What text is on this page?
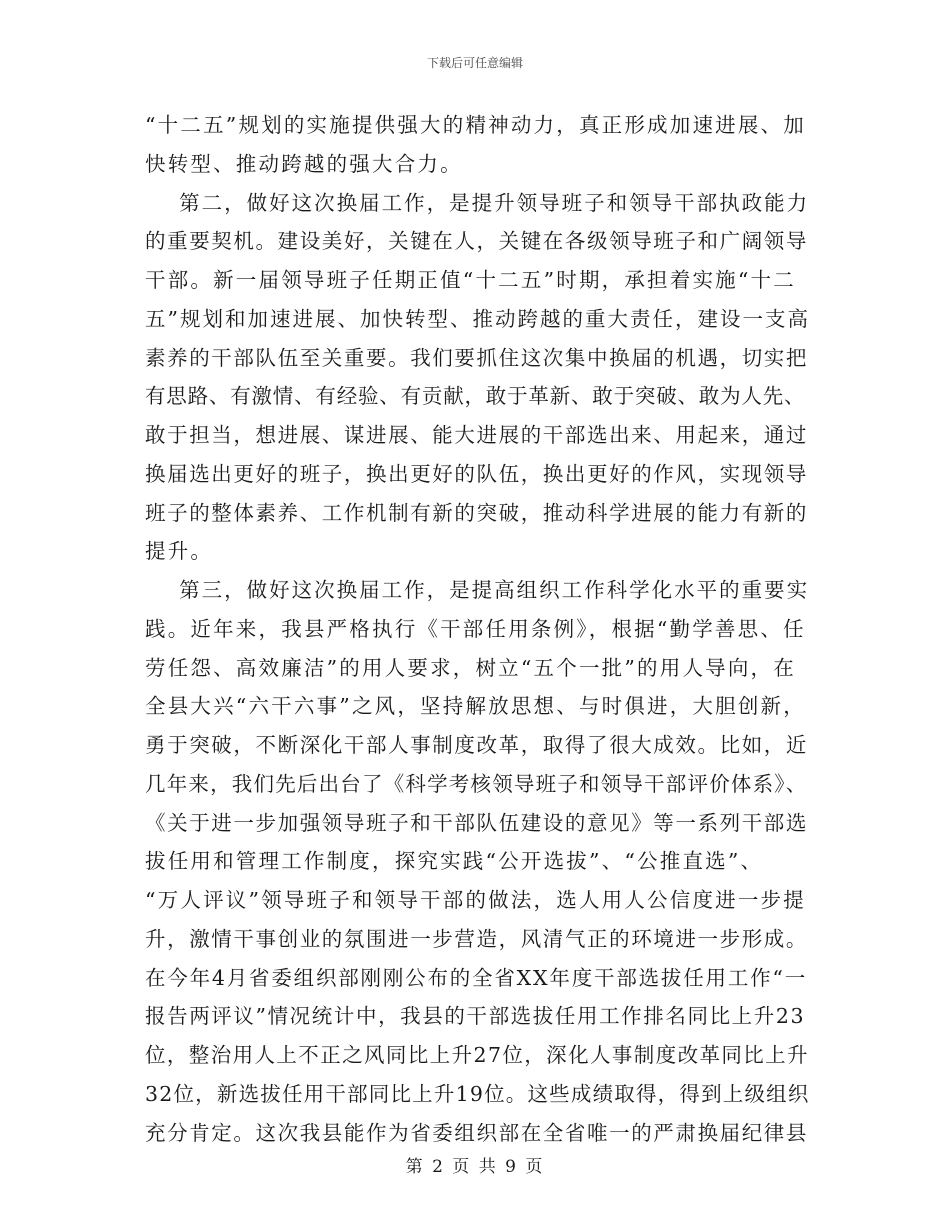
下载后可任意编辑
“十二五”规划的实施提供强大的精神动力，真正形成加速进展、加
快转型、推动跨越的强大合力。
第二，做好这次换届工作，是提升领导班子和领导干部执政能力
的重要契机。建设美好，关键在人，关键在各级领导班子和广阔领导
干部。新一届领导班子任期正值“十二五”时期，承担着实施“十二
五”规划和加速进展、加快转型、推动跨越的重大责任，建设一支高
素养的干部队伍至关重要。我们要抓住这次集中换届的机遇，切实把
有思路、有激情、有经验、有贡献，敢于革新、敢于突破、敢为人先、
敢于担当，想进展、谋进展、能大进展的干部选出来、用起来，通过
换届选出更好的班子，换出更好的队伍，换出更好的作风，实现领导
班子的整体素养、工作机制有新的突破，推动科学进展的能力有新的
提升。
第三，做好这次换届工作，是提高组织工作科学化水平的重要实
践。近年来，我县严格执行《干部任用条例》，根据“勤学善思、任
劳任怨、高效廉洁”的用人要求，树立“五个一批”的用人导向，在
全县大兴“六干六事”之风，坚持解放思想、与时俱进，大胆创新，
勇于突破，不断深化干部人事制度改革，取得了很大成效。比如，近
几年来，我们先后出台了《科学考核领导班子和领导干部评价体系》、
《关于进一步加强领导班子和干部队伍建设的意见》等一系列干部选
拔任用和管理工作制度，探究实践“公开选拔”、“公推直选”、
“万人评议”领导班子和领导干部的做法，选人用人公信度进一步提
升，激情干事创业的氛围进一步营造，风清气正的环境进一步形成。
在今年4月省委组织部刚刚公布的全省XX年度干部选拔任用工作“一
报告两评议”情况统计中，我县的干部选拔任用工作排名同比上升23
位，整治用人上不正之风同比上升27位，深化人事制度改革同比上升
32位，新选拔任用干部同比上升19位。这些成绩取得，得到上级组织
充分肯定。这次我县能作为省委组织部在全省唯一的严肃换届纪律县
第 2 页 共 9 页
